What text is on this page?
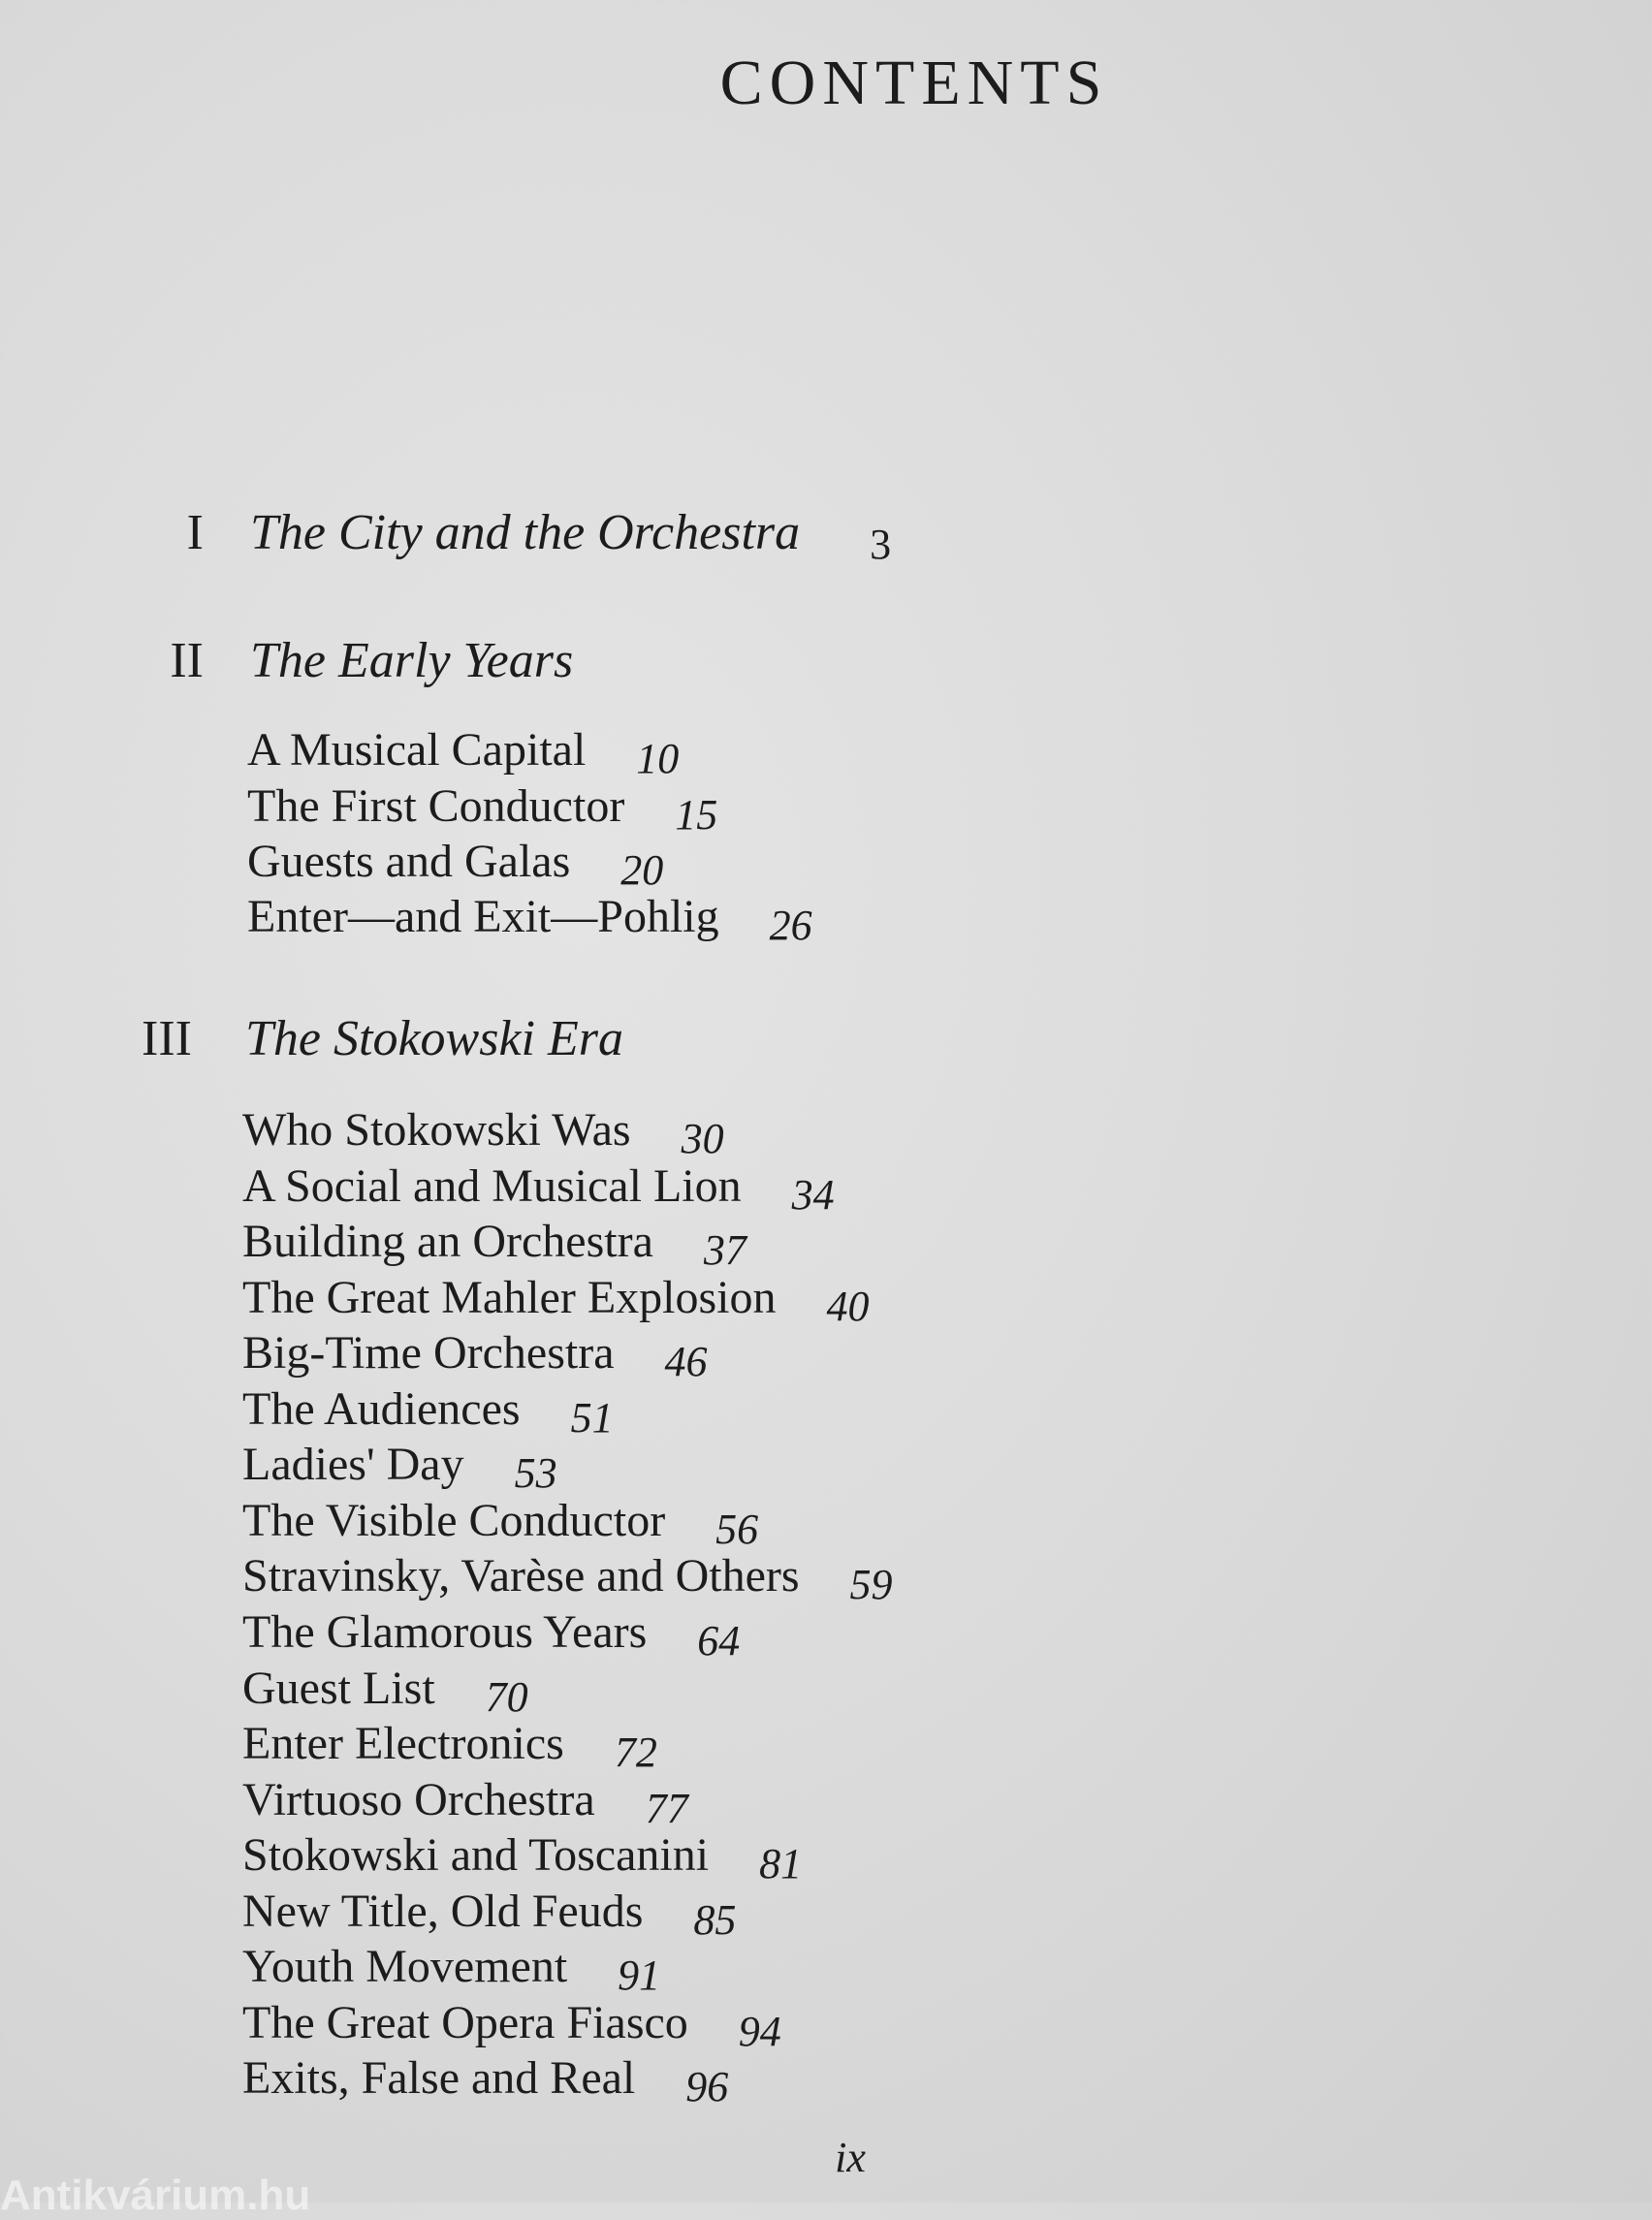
CONTENTS
I The City and the Orchestra 3
II The Early Years
A Musical Capital 10
The First Conductor 15
Guests and Galas 20
Enter—and Exit—Pohlig 26
III The Stokowski Era
Who Stokowski Was 30
A Social and Musical Lion 34
Building an Orchestra 37
The Great Mahler Explosion 40
Big-Time Orchestra 46
The Audiences 51
Ladies' Day 53
The Visible Conductor 56
Stravinsky, Varèse and Others 59
The Glamorous Years 64
Guest List 70
Enter Electronics 72
Virtuoso Orchestra 77
Stokowski and Toscanini 81
New Title, Old Feuds 85
Youth Movement 91
The Great Opera Fiasco 94
Exits, False and Real 96
ix
Antikvárium.hu
